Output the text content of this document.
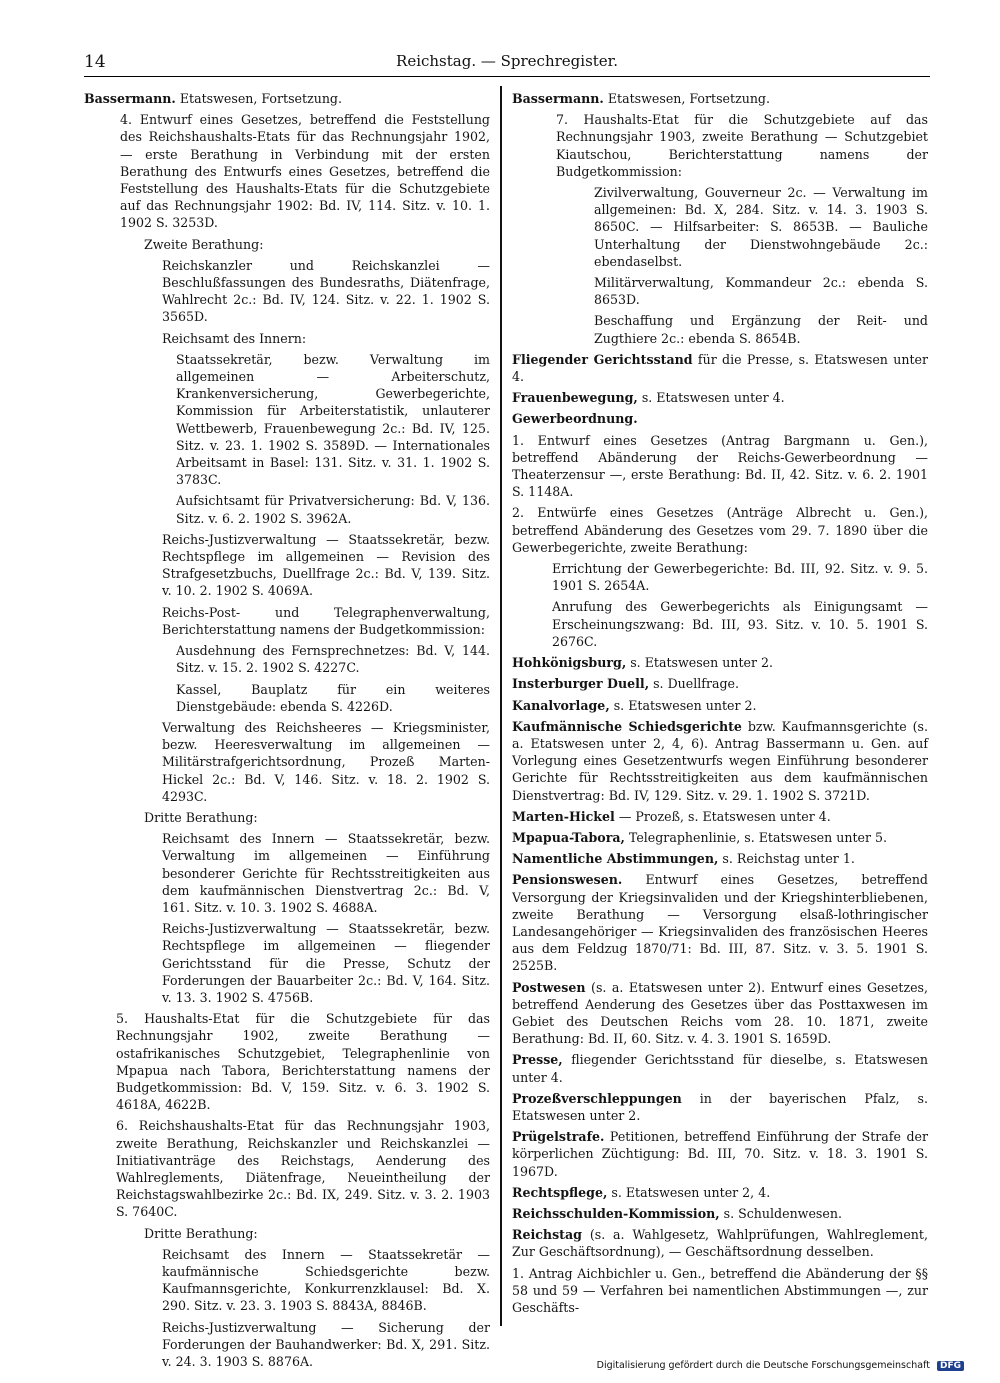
14	Reichstag. — Sprechregister.
Bassermann. Etatswesen, Fortsetzung.
4. Entwurf eines Gesetzes, betreffend die Feststellung des Reichshaushalts-Etats für das Rechnungsjahr 1902, — erste Berathung in Verbindung mit der ersten Berathung des Entwurfs eines Gesetzes, betreffend die Feststellung des Haushalts-Etats für die Schutzgebiete auf das Rechnungsjahr 1902: Bd. IV, 114. Sitz. v. 10. 1. 1902 S. 3253D.
Zweite Berathung:
Reichskanzler und Reichskanzlei — Beschlußfassungen des Bundesraths, Diätenfrage, Wahlrecht 2c.: Bd. IV, 124. Sitz. v. 22. 1. 1902 S. 3565D.
Reichsamt des Innern:
Staatssekretär, bezw. Verwaltung im allgemeinen — Arbeiterschutz, Krankenversicherung, Gewerbegerichte, Kommission für Arbeiterstatistik, unlauterer Wettbewerb, Frauenbewegung 2c.: Bd. IV, 125. Sitz. v. 23. 1. 1902 S. 3589D. — Internationales Arbeitsamt in Basel: 131. Sitz. v. 31. 1. 1902 S. 3783C.
Aufsichtsamt für Privatversicherung: Bd. V, 136. Sitz. v. 6. 2. 1902 S. 3962A.
Reichs-Justizverwaltung — Staatssekretär, bezw. Rechtspflege im allgemeinen — Revision des Strafgesetzbuchs, Duellfrage 2c.: Bd. V, 139. Sitz. v. 10. 2. 1902 S. 4069A.
Reichs-Post- und Telegraphenverwaltung, Berichterstattung namens der Budgetkommission:
Ausdehnung des Fernsprechnetzes: Bd. V, 144. Sitz. v. 15. 2. 1902 S. 4227C.
Kassel, Bauplatz für ein weiteres Dienstgebäude: ebenda S. 4226D.
Verwaltung des Reichsheeres — Kriegsminister, bezw. Heeresverwaltung im allgemeinen — Militärstrafgerichtsordnung, Prozeß Marten-Hickel 2c.: Bd. V, 146. Sitz. v. 18. 2. 1902 S. 4293C.
Dritte Berathung:
Reichsamt des Innern — Staatssekretär, bezw. Verwaltung im allgemeinen — Einführung besonderer Gerichte für Rechtsstreitigkeiten aus dem kaufmännischen Dienstvertrag 2c.: Bd. V, 161. Sitz. v. 10. 3. 1902 S. 4688A.
Reichs-Justizverwaltung — Staatssekretär, bezw. Rechtspflege im allgemeinen — fliegender Gerichtsstand für die Presse, Schutz der Forderungen der Bauarbeiter 2c.: Bd. V, 164. Sitz. v. 13. 3. 1902 S. 4756B.
5. Haushalts-Etat für die Schutzgebiete für das Rechnungsjahr 1902, zweite Berathung — ostafrikanisches Schutzgebiet, Telegraphenlinie von Mpapua nach Tabora, Berichterstattung namens der Budgetkommission: Bd. V, 159. Sitz. v. 6. 3. 1902 S. 4618A, 4622B.
6. Reichshaushalts-Etat für das Rechnungsjahr 1903, zweite Berathung, Reichskanzler und Reichskanzlei — Initiativanträge des Reichstags, Aenderung des Wahlreglements, Diätenfrage, Neueintheilung der Reichstagswahlbezirke 2c.: Bd. IX, 249. Sitz. v. 3. 2. 1903 S. 7640C.
Dritte Berathung:
Reichsamt des Innern — Staatssekretär — kaufmännische Schiedsgerichte bezw. Kaufmannsgerichte, Konkurrenzklausel: Bd. X. 290. Sitz. v. 23. 3. 1903 S. 8843A, 8846B.
Reichs-Justizverwaltung — Sicherung der Forderungen der Bauhandwerker: Bd. X, 291. Sitz. v. 24. 3. 1903 S. 8876A.
Bassermann. Etatswesen, Fortsetzung.
7. Haushalts-Etat für die Schutzgebiete auf das Rechnungsjahr 1903, zweite Berathung — Schutzgebiet Kiautschou, Berichterstattung namens der Budgetkommission:
Zivilverwaltung, Gouverneur 2c. — Verwaltung im allgemeinen: Bd. X, 284. Sitz. v. 14. 3. 1903 S. 8650C. — Hilfsarbeiter: S. 8653B. — Bauliche Unterhaltung der Dienstwohngebäude 2c.: ebendaselbst.
Militärverwaltung, Kommandeur 2c.: ebenda S. 8653D.
Beschaffung und Ergänzung der Reit- und Zugthiere 2c.: ebenda S. 8654B.
Fliegender Gerichtsstand für die Presse, s. Etatswesen unter 4.
Frauenbewegung, s. Etatswesen unter 4.
Gewerbeordnung.
1. Entwurf eines Gesetzes (Antrag Bargmann u. Gen.), betreffend Abänderung der Reichs-Gewerbeordnung — Theaterzensur —, erste Berathung: Bd. II, 42. Sitz. v. 6. 2. 1901 S. 1148A.
2. Entwürfe eines Gesetzes (Anträge Albrecht u. Gen.), betreffend Abänderung des Gesetzes vom 29. 7. 1890 über die Gewerbegerichte, zweite Berathung:
Errichtung der Gewerbegerichte: Bd. III, 92. Sitz. v. 9. 5. 1901 S. 2654A.
Anrufung des Gewerbegerichts als Einigungsamt — Erscheinungszwang: Bd. III, 93. Sitz. v. 10. 5. 1901 S. 2676C.
Hohkönigsburg, s. Etatswesen unter 2.
Insterburger Duell, s. Duellfrage.
Kanalvorlage, s. Etatswesen unter 2.
Kaufmännische Schiedsgerichte bzw. Kaufmannsgerichte (s. a. Etatswesen unter 2, 4, 6). Antrag Bassermann u. Gen. auf Vorlegung eines Gesetzentwurfs wegen Einführung besonderer Gerichte für Rechtsstreitigkeiten aus dem kaufmännischen Dienstvertrag: Bd. IV, 129. Sitz. v. 29. 1. 1902 S. 3721D.
Marten-Hickel — Prozeß, s. Etatswesen unter 4.
Mpapua-Tabora, Telegraphenlinie, s. Etatswesen unter 5.
Namentliche Abstimmungen, s. Reichstag unter 1.
Pensionswesen. Entwurf eines Gesetzes, betreffend Versorgung der Kriegsinvaliden und der Kriegshinterbliebenen, zweite Berathung — Versorgung elsaß-lothringischer Landesangehöriger — Kriegsinvaliden des französischen Heeres aus dem Feldzug 1870/71: Bd. III, 87. Sitz. v. 3. 5. 1901 S. 2525B.
Postwesen (s. a. Etatswesen unter 2). Entwurf eines Gesetzes, betreffend Aenderung des Gesetzes über das Posttaxwesen im Gebiet des Deutschen Reichs vom 28. 10. 1871, zweite Berathung: Bd. II, 60. Sitz. v. 4. 3. 1901 S. 1659D.
Presse, fliegender Gerichtsstand für dieselbe, s. Etatswesen unter 4.
Prozeßverschleppungen in der bayerischen Pfalz, s. Etatswesen unter 2.
Prügelstrafe. Petitionen, betreffend Einführung der Strafe der körperlichen Züchtigung: Bd. III, 70. Sitz. v. 18. 3. 1901 S. 1967D.
Rechtspflege, s. Etatswesen unter 2, 4.
Reichsschulden-Kommission, s. Schuldenwesen.
Reichstag (s. a. Wahlgesetz, Wahlprüfungen, Wahlreglement, Zur Geschäftsordnung), — Geschäftsordnung desselben.
1. Antrag Aichbichler u. Gen., betreffend die Abänderung der §§ 58 und 59 — Verfahren bei namentlichen Abstimmungen —, zur Geschäfts-
Digitalisierung gefördert durch die Deutsche Forschungsgemeinschaft DFG
